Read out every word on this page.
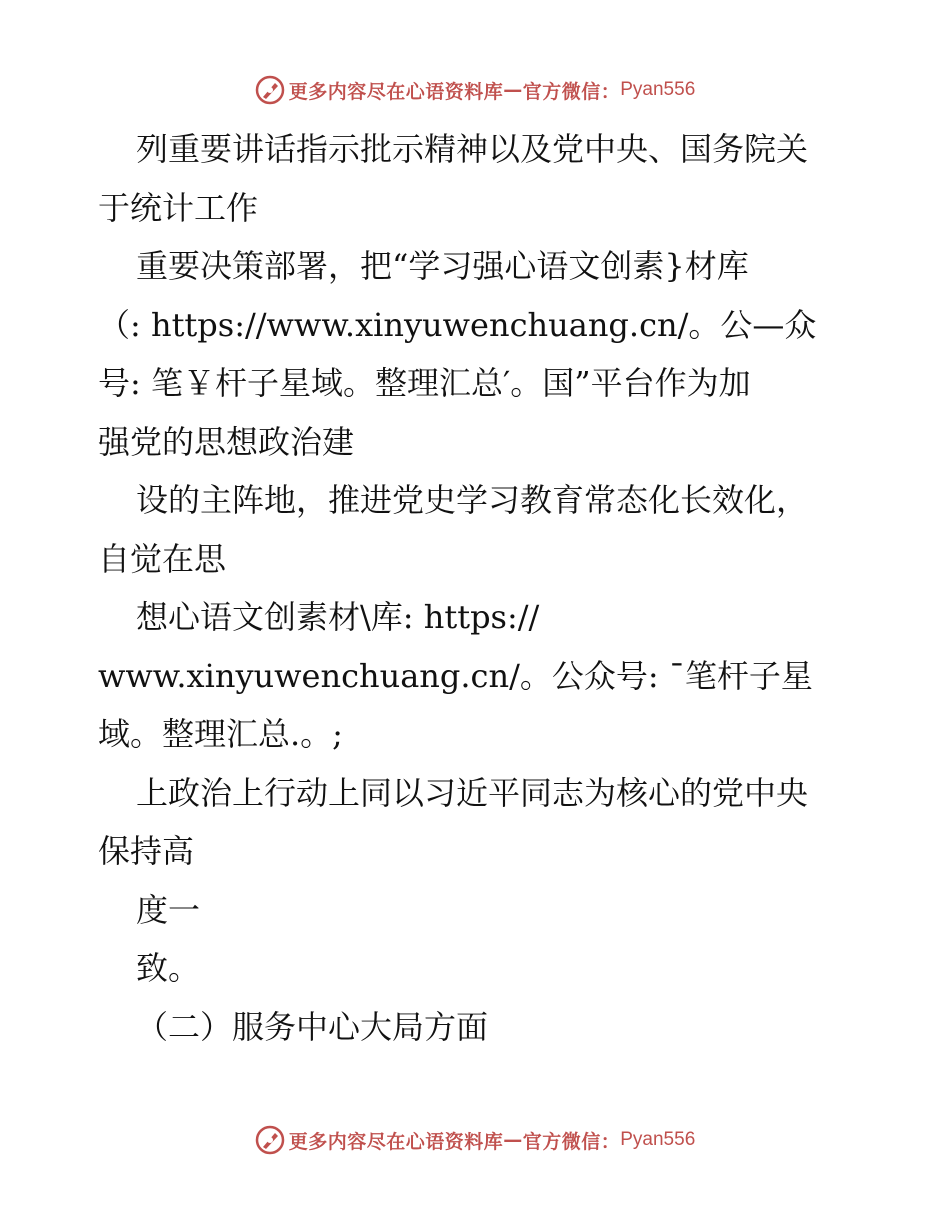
更多内容尽在心语资料库 — 官方微信： Pyan556
列重要讲话指示批示精神以及党中央、国务院关
于统计工作
重要决策部署，把“学习强心语文创素}材库
（: https://www.xinyuwenchuang.cn/。公—众
号: 笔￥杆子星域。整理汇总′。国”平台作为加
强党的思想政治建
设的主阵地，推进党史学习教育常态化长效化，
自觉在思
想心语文创素材\库: https://
www.xinyuwenchuang.cn/。公众号: ¯笔杆子星
域。整理汇总.。;
上政治上行动上同以习近平同志为核心的党中央
保持高
度一
致。
（二）服务中心大局方面
更多内容尽在心语资料库 — 官方微信： Pyan556
